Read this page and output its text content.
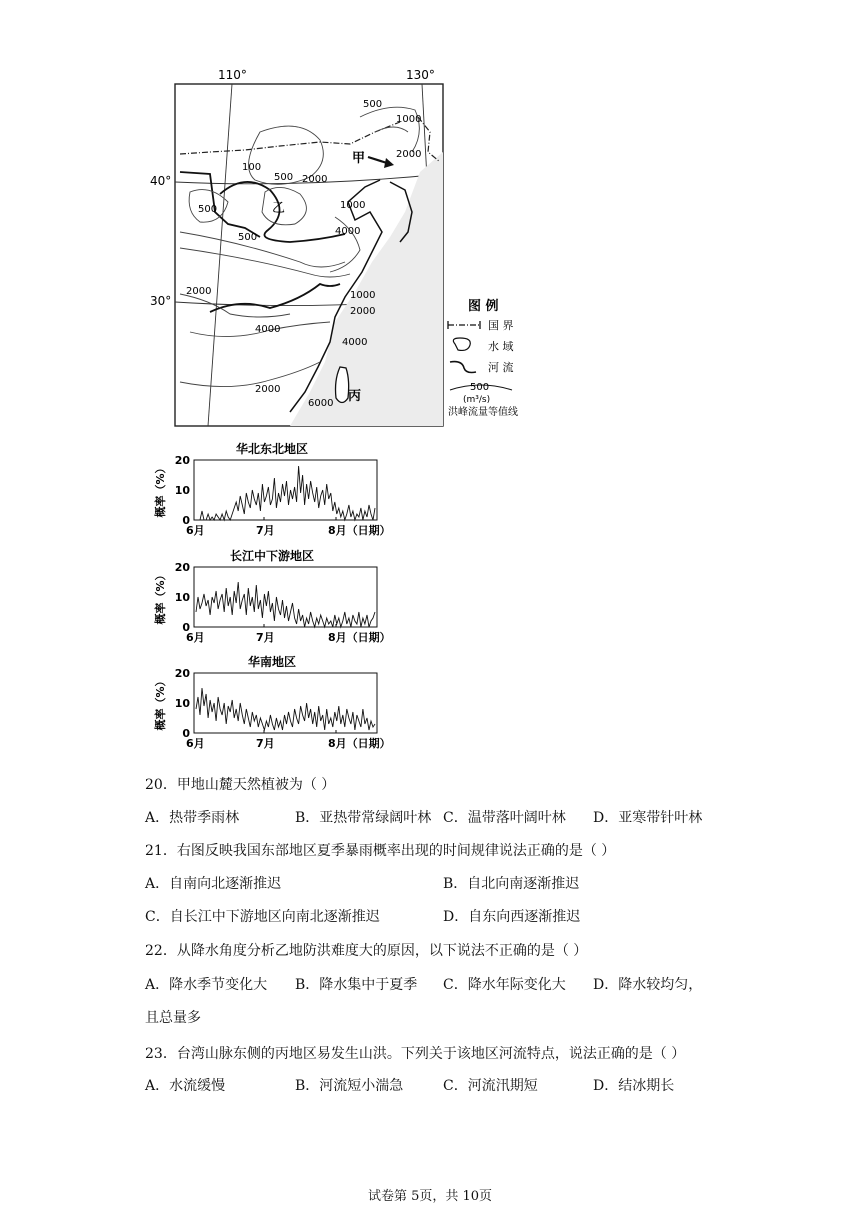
110°	130°
40°
30°
甲
乙
丙
500
1000
2000
100
500 2000
500	1000
500
4000
2000	1000
2000
4000
4000
2000
6000
图 例
国 界
水 域
河 流
500
(m³/s)
洪峰流量等值线
华北东北地区
概率（%）
20
10
0
6月	7月	8月（日期）
长江中下游地区
概率（%）
20
10
0
6月	7月	8月（日期）
华南地区
概率（%）
20
10
0
6月	7月	8月（日期）
20．甲地山麓天然植被为（ ）
A．热带季雨林	B．亚热带常绿阔叶林 C．温带落叶阔叶林 D．亚寒带针叶林
21．右图反映我国东部地区夏季暴雨概率出现的时间规律说法正确的是（ ）
A．自南向北逐渐推迟	B．自北向南逐渐推迟
C．自长江中下游地区向南北逐渐推迟	D．自东向西逐渐推迟
22．从降水角度分析乙地防洪难度大的原因，以下说法不正确的是（ ）
A．降水季节变化大 B．降水集中于夏季 C．降水年际变化大 D．降水较均匀，
且总量多
23．台湾山脉东侧的丙地区易发生山洪。下列关于该地区河流特点，说法正确的是（ ）
A．水流缓慢	B．河流短小湍急	C．河流汛期短	D．结冰期长
试卷第 5页，共 10页
